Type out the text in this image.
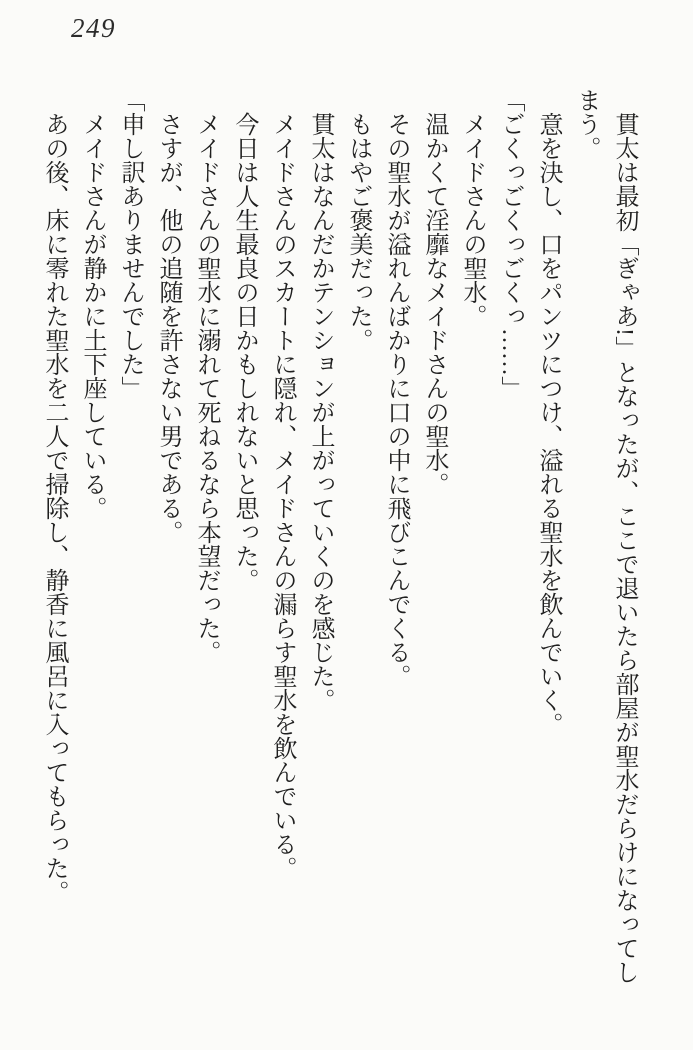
249

貫太は最初「ぎゃあ!」となったが、ここで退いたら部屋が聖水だらけになってしまう。

意を決し、口をパンツにつけ、溢れる聖水を飲んでいく。

「ごくっごくっごくっ……」

メイドさんの聖水。

温かくて淫靡なメイドさんの聖水。

その聖水が溢れんばかりに口の中に飛びこんでくる。

もはやご褒美だった。

貫太はなんだかテンションが上がっていくのを感じた。

メイドさんのスカートに隠れ、メイドさんの漏らす聖水を飲んでいる。

今日は人生最良の日かもしれないと思った。

メイドさんの聖水に溺れて死ねるなら本望だった。

さすが、他の追随を許さない男である。

「申し訳ありませんでした」

メイドさんが静かに土下座している。

あの後、床に零れた聖水を二人で掃除し、静香に風呂に入ってもらった。
